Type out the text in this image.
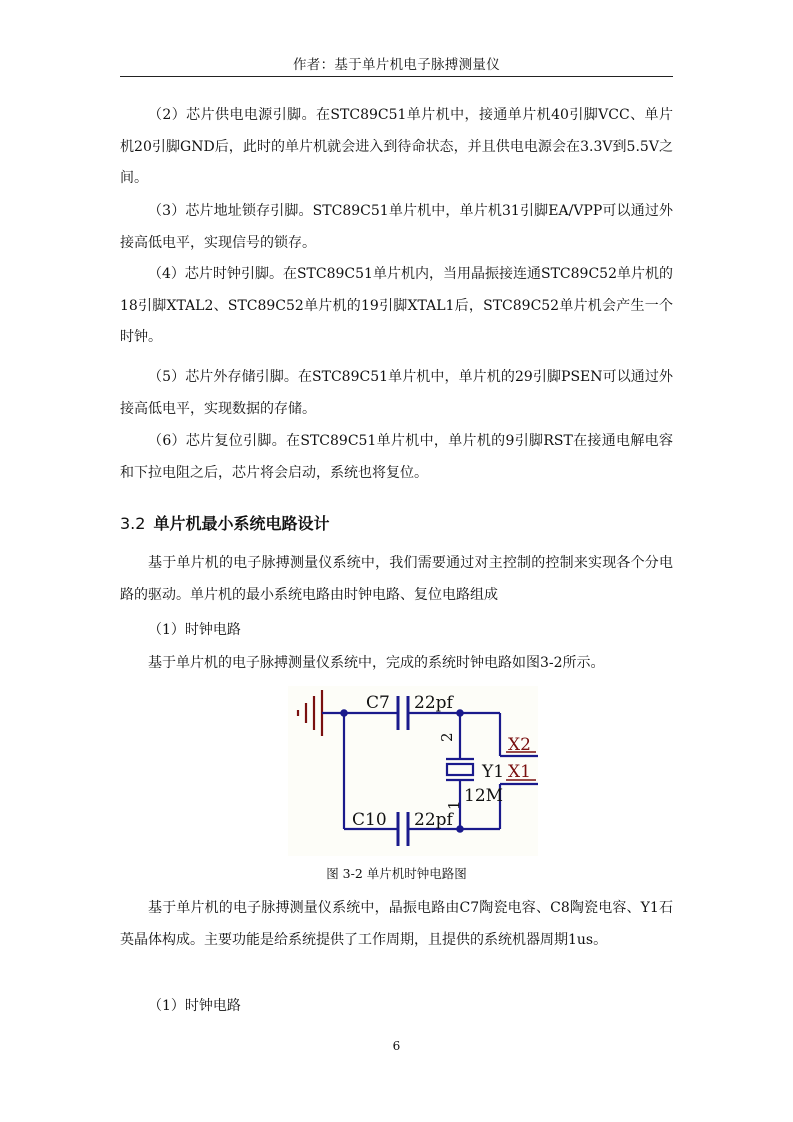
作者：基于单片机电子脉搏测量仪

（2）芯片供电电源引脚。在STC89C51单片机中，接通单片机40引脚VCC、单片机20引脚GND后，此时的单片机就会进入到待命状态，并且供电电源会在3.3V到5.5V之间。

（3）芯片地址锁存引脚。STC89C51单片机中，单片机31引脚EA/VPP可以通过外接高低电平，实现信号的锁存。

（4）芯片时钟引脚。在STC89C51单片机内，当用晶振接连通STC89C52单片机的18引脚XTAL2、STC89C52单片机的19引脚XTAL1后，STC89C52单片机会产生一个时钟。

（5）芯片外存储引脚。在STC89C51单片机中，单片机的29引脚PSEN可以通过外接高低电平，实现数据的存储。

（6）芯片复位引脚。在STC89C51单片机中，单片机的9引脚RST在接通电解电容和下拉电阻之后，芯片将会启动，系统也将复位。

3.2 单片机最小系统电路设计

基于单片机的电子脉搏测量仪系统中，我们需要通过对主控制的控制来实现各个分电路的驱动。单片机的最小系统电路由时钟电路、复位电路组成

（1）时钟电路

基于单片机的电子脉搏测量仪系统中，完成的系统时钟电路如图3-2所示。

C7 22pf
C10 22pf
Y1
12M
2
1
X2
X1
图 3-2 单片机时钟电路图

基于单片机的电子脉搏测量仪系统中，晶振电路由C7陶瓷电容、C8陶瓷电容、Y1石英晶体构成。主要功能是给系统提供了工作周期，且提供的系统机器周期1us。

（1）时钟电路

6
